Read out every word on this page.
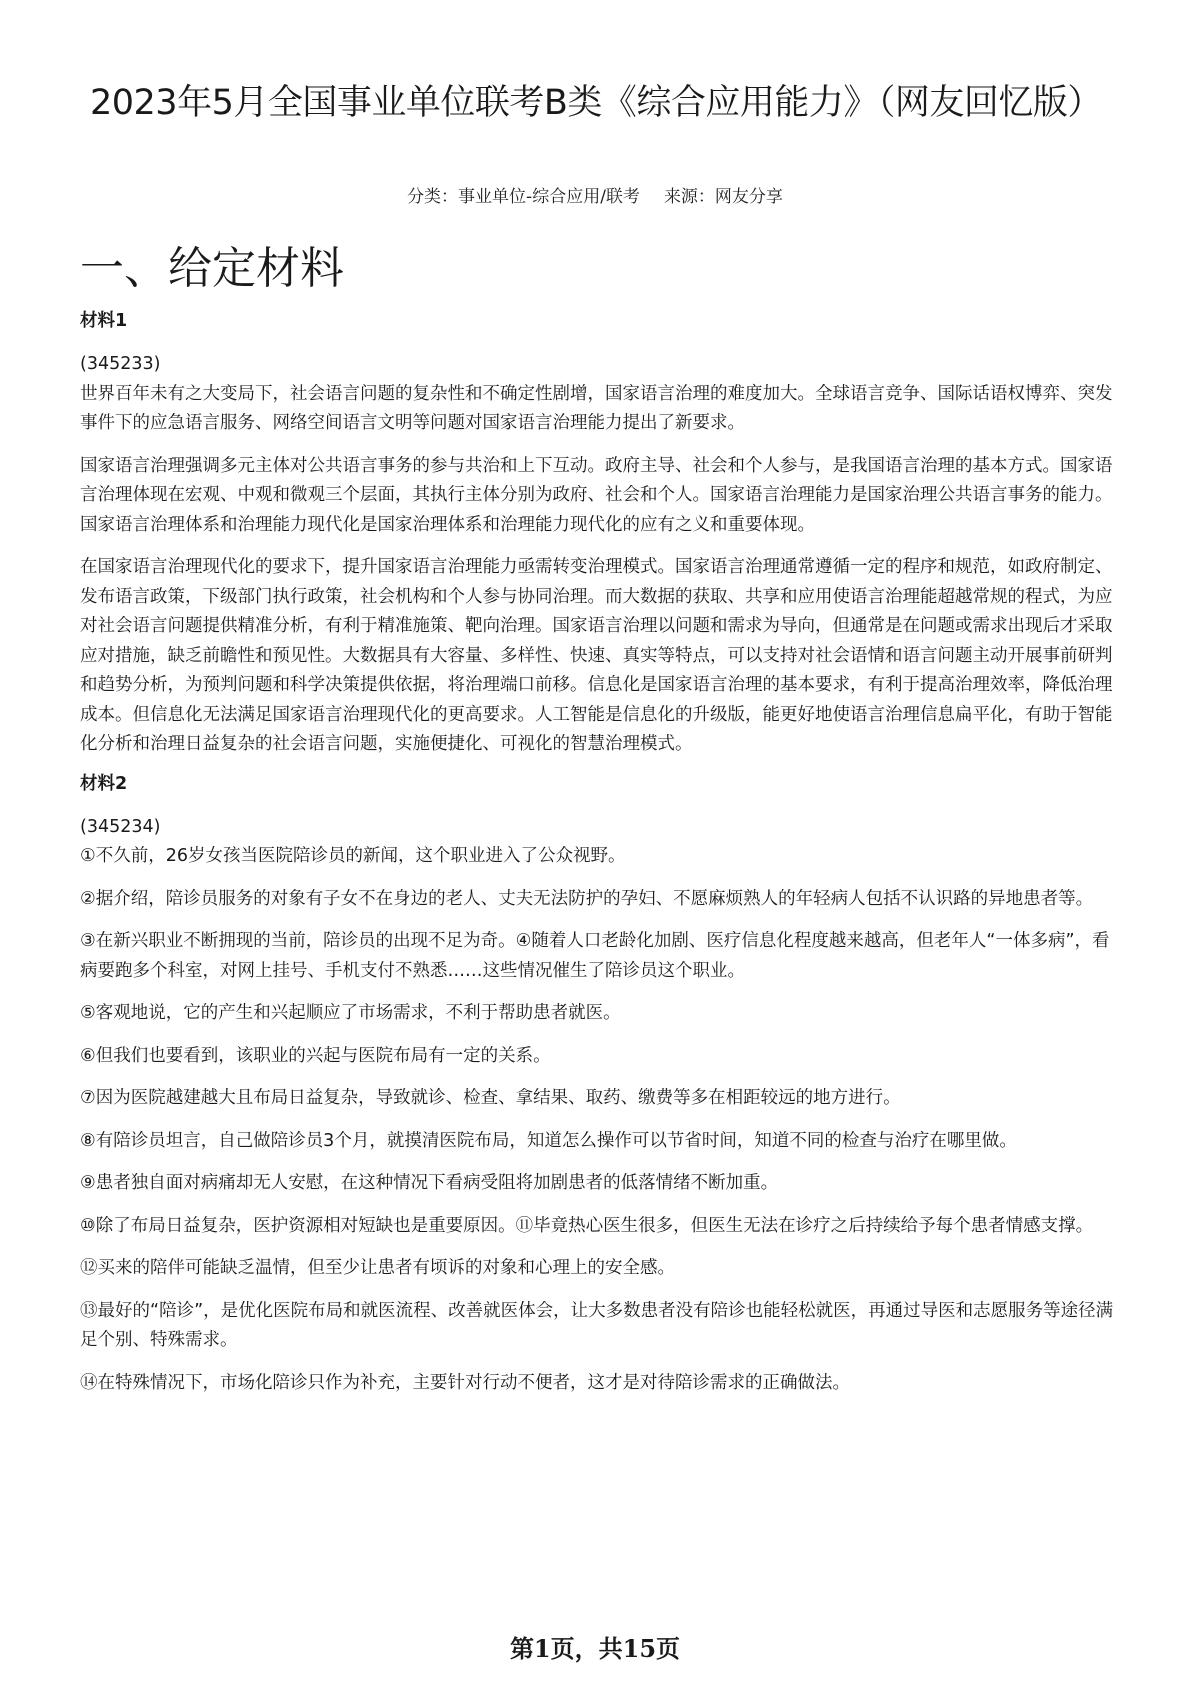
2023年5月全国事业单位联考B类《综合应用能力》（网友回忆版）
分类：事业单位-综合应用/联考 来源：网友分享
一、给定材料
材料1
(345233)
世界百年未有之大变局下，社会语言问题的复杂性和不确定性剧增，国家语言治理的难度加大。全球语言竞争、国际话语权博弈、突发事件下的应急语言服务、网络空间语言文明等问题对国家语言治理能力提出了新要求。
国家语言治理强调多元主体对公共语言事务的参与共治和上下互动。政府主导、社会和个人参与，是我国语言治理的基本方式。国家语言治理体现在宏观、中观和微观三个层面，其执行主体分别为政府、社会和个人。国家语言治理能力是国家治理公共语言事务的能力。国家语言治理体系和治理能力现代化是国家治理体系和治理能力现代化的应有之义和重要体现。
在国家语言治理现代化的要求下，提升国家语言治理能力亟需转变治理模式。国家语言治理通常遵循一定的程序和规范，如政府制定、发布语言政策，下级部门执行政策，社会机构和个人参与协同治理。而大数据的获取、共享和应用使语言治理能超越常规的程式，为应对社会语言问题提供精准分析，有利于精准施策、靶向治理。国家语言治理以问题和需求为导向，但通常是在问题或需求出现后才采取应对措施，缺乏前瞻性和预见性。大数据具有大容量、多样性、快速、真实等特点，可以支持对社会语情和语言问题主动开展事前研判和趋势分析，为预判问题和科学决策提供依据，将治理端口前移。信息化是国家语言治理的基本要求，有利于提高治理效率，降低治理成本。但信息化无法满足国家语言治理现代化的更高要求。人工智能是信息化的升级版，能更好地使语言治理信息扁平化，有助于智能化分析和治理日益复杂的社会语言问题，实施便捷化、可视化的智慧治理模式。
材料2
(345234)
①不久前，26岁女孩当医院陪诊员的新闻，这个职业进入了公众视野。
②据介绍，陪诊员服务的对象有子女不在身边的老人、丈夫无法防护的孕妇、不愿麻烦熟人的年轻病人包括不认识路的异地患者等。
③在新兴职业不断拥现的当前，陪诊员的出现不足为奇。④随着人口老龄化加剧、医疗信息化程度越来越高，但老年人“一体多病”，看病要跑多个科室，对网上挂号、手机支付不熟悉……这些情况催生了陪诊员这个职业。
⑤客观地说，它的产生和兴起顺应了市场需求，不利于帮助患者就医。
⑥但我们也要看到，该职业的兴起与医院布局有一定的关系。
⑦因为医院越建越大且布局日益复杂，导致就诊、检查、拿结果、取药、缴费等多在相距较远的地方进行。
⑧有陪诊员坦言，自己做陪诊员3个月，就摸清医院布局，知道怎么操作可以节省时间，知道不同的检查与治疗在哪里做。
⑨患者独自面对病痛却无人安慰，在这种情况下看病受阻将加剧患者的低落情绪不断加重。
⑩除了布局日益复杂，医护资源相对短缺也是重要原因。⑪毕竟热心医生很多，但医生无法在诊疗之后持续给予每个患者情感支撑。
⑫买来的陪伴可能缺乏温情，但至少让患者有顷诉的对象和心理上的安全感。
⑬最好的“陪诊”，是优化医院布局和就医流程、改善就医体会，让大多数患者没有陪诊也能轻松就医，再通过导医和志愿服务等途径满足个别、特殊需求。
⑭在特殊情况下，市场化陪诊只作为补充，主要针对行动不便者，这才是对待陪诊需求的正确做法。
第1页，共15页
